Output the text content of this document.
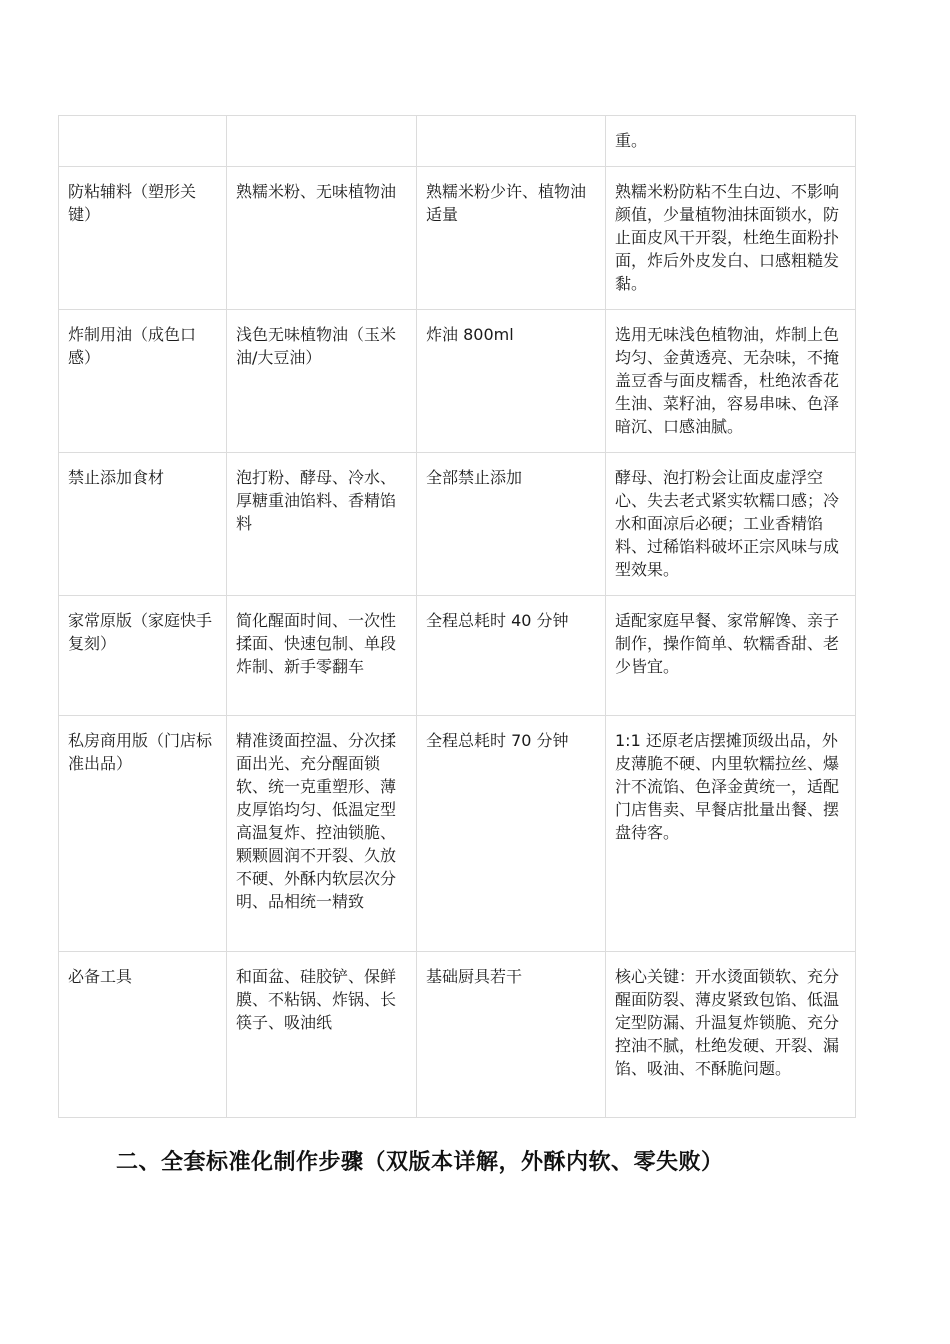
			重。
防粘辅料（塑形关键）	熟糯米粉、无味植物油	熟糯米粉少许、植物油适量	熟糯米粉防粘不生白边、不影响颜值，少量植物油抹面锁水，防止面皮风干开裂，杜绝生面粉扑面，炸后外皮发白、口感粗糙发黏。
炸制用油（成色口感）	浅色无味植物油（玉米油/大豆油）	炸油 800ml	选用无味浅色植物油，炸制上色均匀、金黄透亮、无杂味，不掩盖豆香与面皮糯香，杜绝浓香花生油、菜籽油，容易串味、色泽暗沉、口感油腻。
禁止添加食材	泡打粉、酵母、冷水、厚糖重油馅料、香精馅料	全部禁止添加	酵母、泡打粉会让面皮虚浮空心、失去老式紧实软糯口感；冷水和面凉后必硬；工业香精馅料、过稀馅料破坏正宗风味与成型效果。
家常原版（家庭快手复刻）	简化醒面时间、一次性揉面、快速包制、单段炸制、新手零翻车	全程总耗时 40 分钟	适配家庭早餐、家常解馋、亲子制作，操作简单、软糯香甜、老少皆宜。
私房商用版（门店标准出品）	精准烫面控温、分次揉面出光、充分醒面锁软、统一克重塑形、薄皮厚馅均匀、低温定型高温复炸、控油锁脆、颗颗圆润不开裂、久放不硬、外酥内软层次分明、品相统一精致	全程总耗时 70 分钟	1:1 还原老店摆摊顶级出品，外皮薄脆不硬、内里软糯拉丝、爆汁不流馅、色泽金黄统一，适配门店售卖、早餐店批量出餐、摆盘待客。
必备工具	和面盆、硅胶铲、保鲜膜、不粘锅、炸锅、长筷子、吸油纸	基础厨具若干	核心关键：开水烫面锁软、充分醒面防裂、薄皮紧致包馅、低温定型防漏、升温复炸锁脆、充分控油不腻，杜绝发硬、开裂、漏馅、吸油、不酥脆问题。
二、全套标准化制作步骤（双版本详解，外酥内软、零失败）
